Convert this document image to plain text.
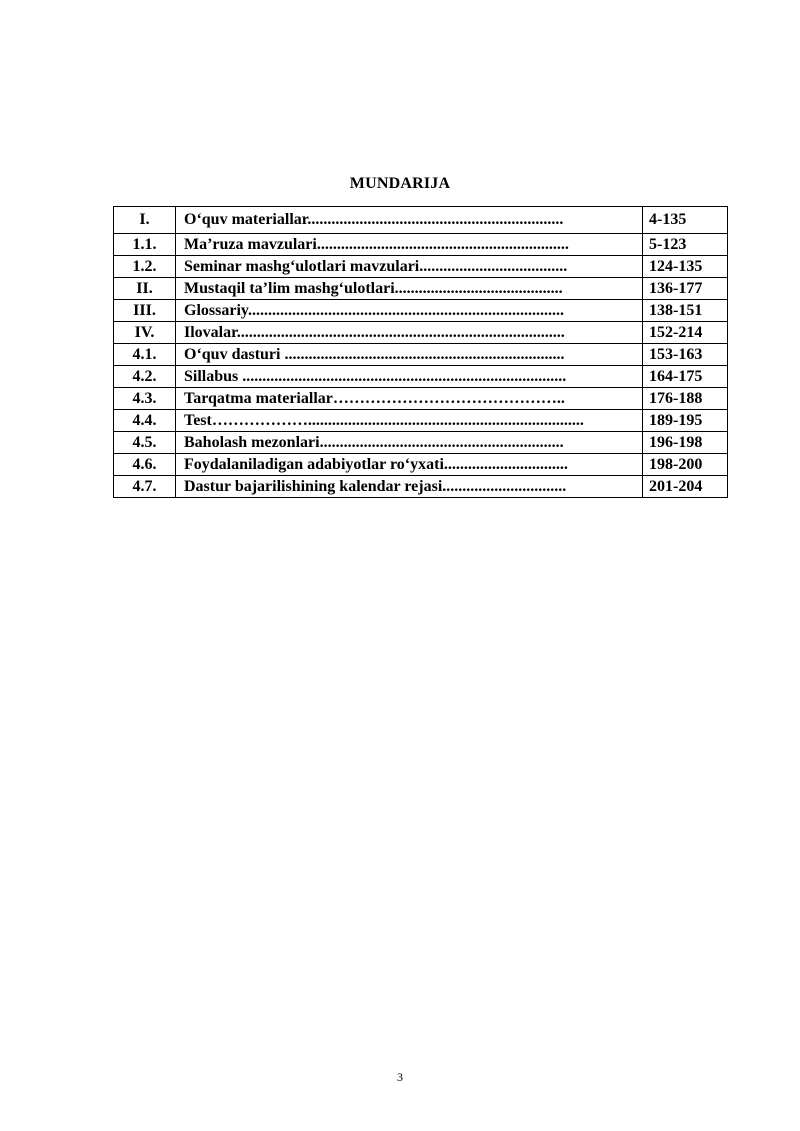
MUNDARIJA
I.	O‘quv materiallar................................................................	4-135
1.1.	Ma’ruza mavzulari...............................................................	5-123
1.2.	Seminar mashg‘ulotlari mavzulari.....................................	124-135
II.	Mustaqil ta’lim mashg‘ulotlari..........................................	136-177
III.	Glossariy...............................................................................	138-151
IV.	Ilovalar..................................................................................	152-214
4.1.	O‘quv dasturi ......................................................................	153-163
4.2.	Sillabus .................................................................................	164-175
4.3.	Tarqatma materiallar……………………………………..	176-188
4.4.	Test……………….....................................................................	189-195
4.5.	Baholash mezonlari.............................................................	196-198
4.6.	Foydalaniladigan adabiyotlar ro‘yxati...............................	198-200
4.7.	Dastur bajarilishining kalendar rejasi...............................	201-204
3
